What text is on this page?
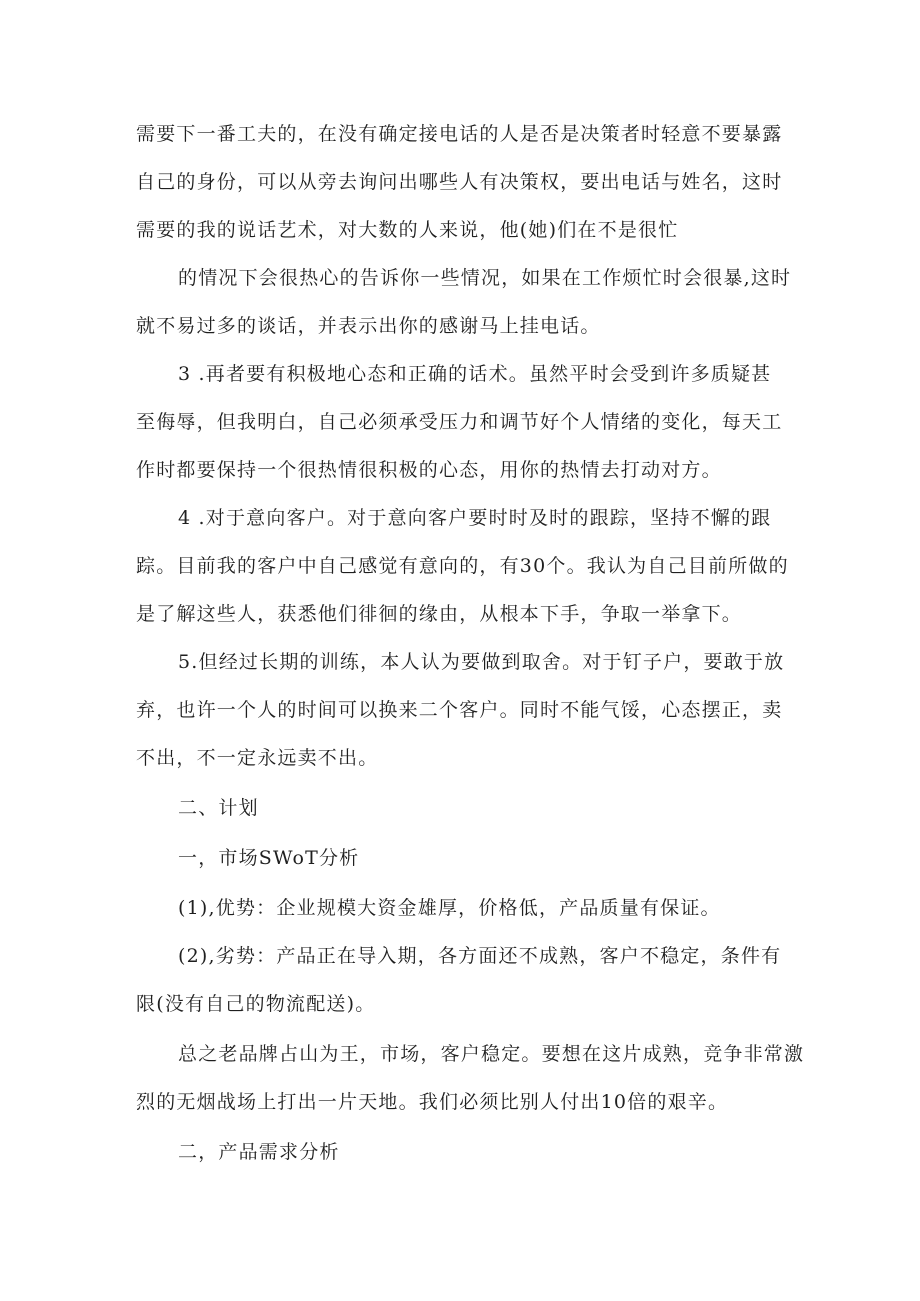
需要下一番工夫的，在没有确定接电话的人是否是决策者时轻意不要暴露

自己的身份，可以从旁去询问出哪些人有决策权，要出电话与姓名，这时

需要的我的说话艺术，对大数的人来说，他(她)们在不是很忙

的情况下会很热心的告诉你一些情况，如果在工作烦忙时会很暴,这时

就不易过多的谈话，并表示出你的感谢马上挂电话。

3 .再者要有积极地心态和正确的话术。虽然平时会受到许多质疑甚

至侮辱，但我明白，自己必须承受压力和调节好个人情绪的变化，每天工

作时都要保持一个很热情很积极的心态，用你的热情去打动对方。

4 .对于意向客户。对于意向客户要时时及时的跟踪，坚持不懈的跟

踪。目前我的客户中自己感觉有意向的，有30个。我认为自己目前所做的

是了解这些人，获悉他们徘徊的缘由，从根本下手，争取一举拿下。

5.但经过长期的训练，本人认为要做到取舍。对于钉子户，要敢于放

弃，也许一个人的时间可以换来二个客户。同时不能气馁，心态摆正，卖

不出，不一定永远卖不出。

二、计划

一，市场SWoT分析

(1),优势：企业规模大资金雄厚，价格低，产品质量有保证。

(2),劣势：产品正在导入期，各方面还不成熟，客户不稳定，条件有

限(没有自己的物流配送)。

总之老品牌占山为王，市场，客户稳定。要想在这片成熟，竞争非常激

烈的无烟战场上打出一片天地。我们必须比别人付出10倍的艰辛。

二，产品需求分析
